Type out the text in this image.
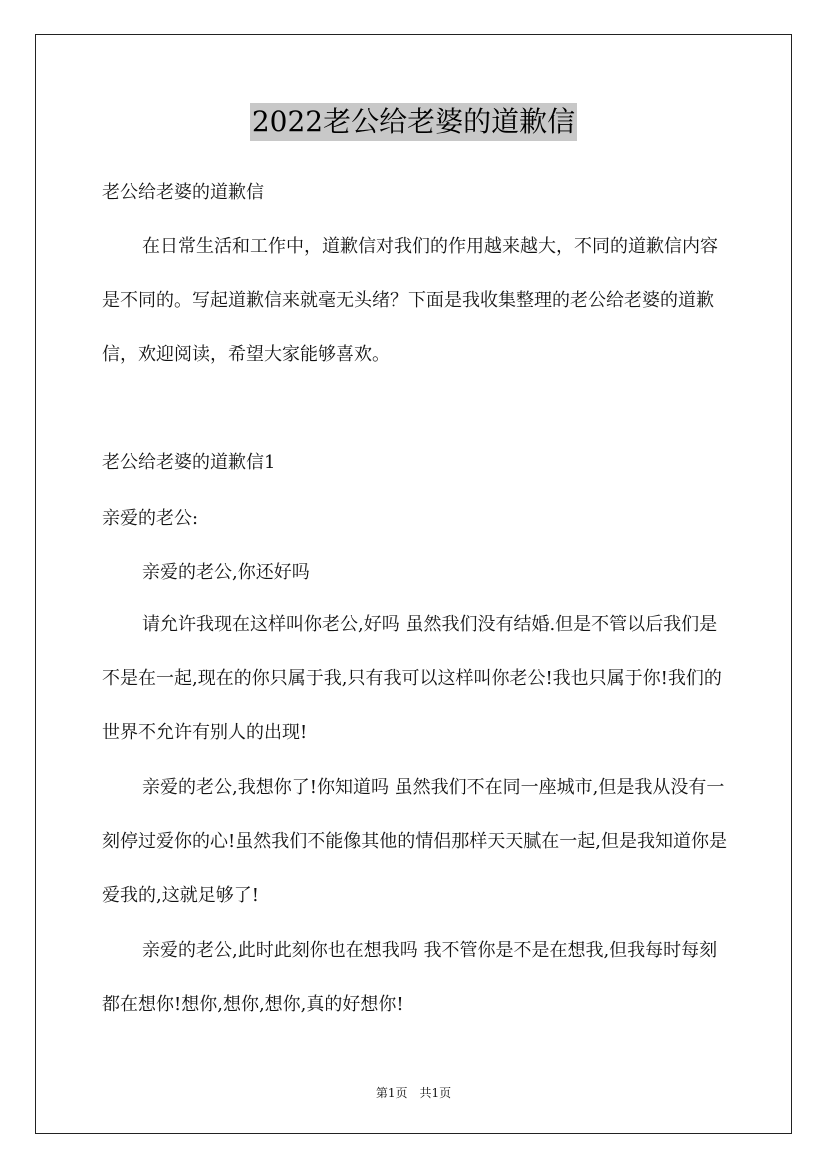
2022老公给老婆的道歉信

老公给老婆的道歉信

在日常生活和工作中，道歉信对我们的作用越来越大，不同的道歉信内容是不同的。写起道歉信来就毫无头绪？下面是我收集整理的老公给老婆的道歉信，欢迎阅读，希望大家能够喜欢。

老公给老婆的道歉信1

亲爱的老公:

亲爱的老公,你还好吗

请允许我现在这样叫你老公,好吗 虽然我们没有结婚.但是不管以后我们是不是在一起,现在的你只属于我,只有我可以这样叫你老公!我也只属于你!我们的世界不允许有别人的出现!

亲爱的老公,我想你了!你知道吗 虽然我们不在同一座城市,但是我从没有一刻停过爱你的心!虽然我们不能像其他的情侣那样天天腻在一起,但是我知道你是爱我的,这就足够了!

亲爱的老公,此时此刻你也在想我吗 我不管你是不是在想我,但我每时每刻都在想你!想你,想你,想你,真的好想你!

第1页　共1页
